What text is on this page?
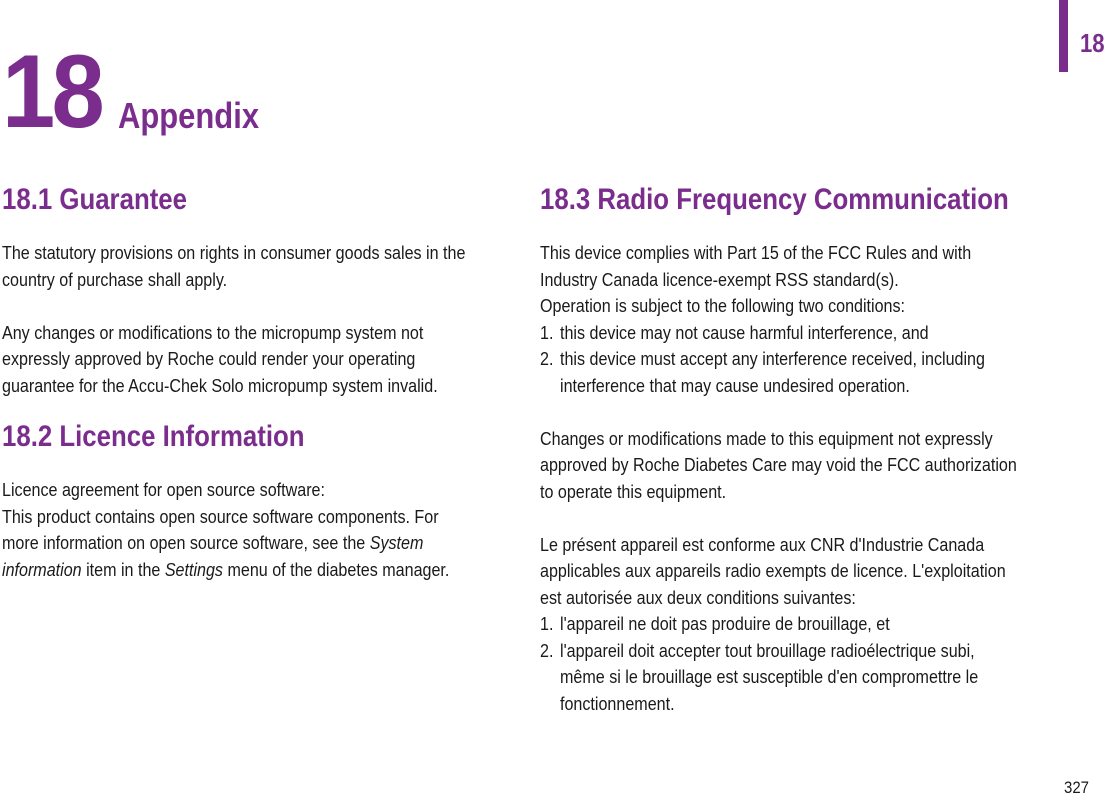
18 Appendix
18
18.1 Guarantee

The statutory provisions on rights in consumer goods sales in the

country of purchase shall apply.

Any changes or modifications to the micropump system not

expressly approved by Roche could render your operating

guarantee for the Accu-Chek Solo micropump system invalid.

18.2 Licence Information

Licence agreement for open source software:

This product contains open source software components. For

more information on open source software, see the System

information item in the Settings menu of the diabetes manager.

18.3 Radio Frequency Communication

This device complies with Part 15 of the FCC Rules and with

Industry Canada licence-exempt RSS standard(s).

Operation is subject to the following two conditions:

1. this device may not cause harmful interference, and
2. this device must accept any interference received, including
interference that may cause undesired operation.

Changes or modifications made to this equipment not expressly

approved by Roche Diabetes Care may void the FCC authorization

to operate this equipment.

Le présent appareil est conforme aux CNR d'Industrie Canada

applicables aux appareils radio exempts de licence. L'exploitation

est autorisée aux deux conditions suivantes:

1. l'appareil ne doit pas produire de brouillage, et
2. l'appareil doit accepter tout brouillage radioélectrique subi,
même si le brouillage est susceptible d'en compromettre le
fonctionnement.
327
